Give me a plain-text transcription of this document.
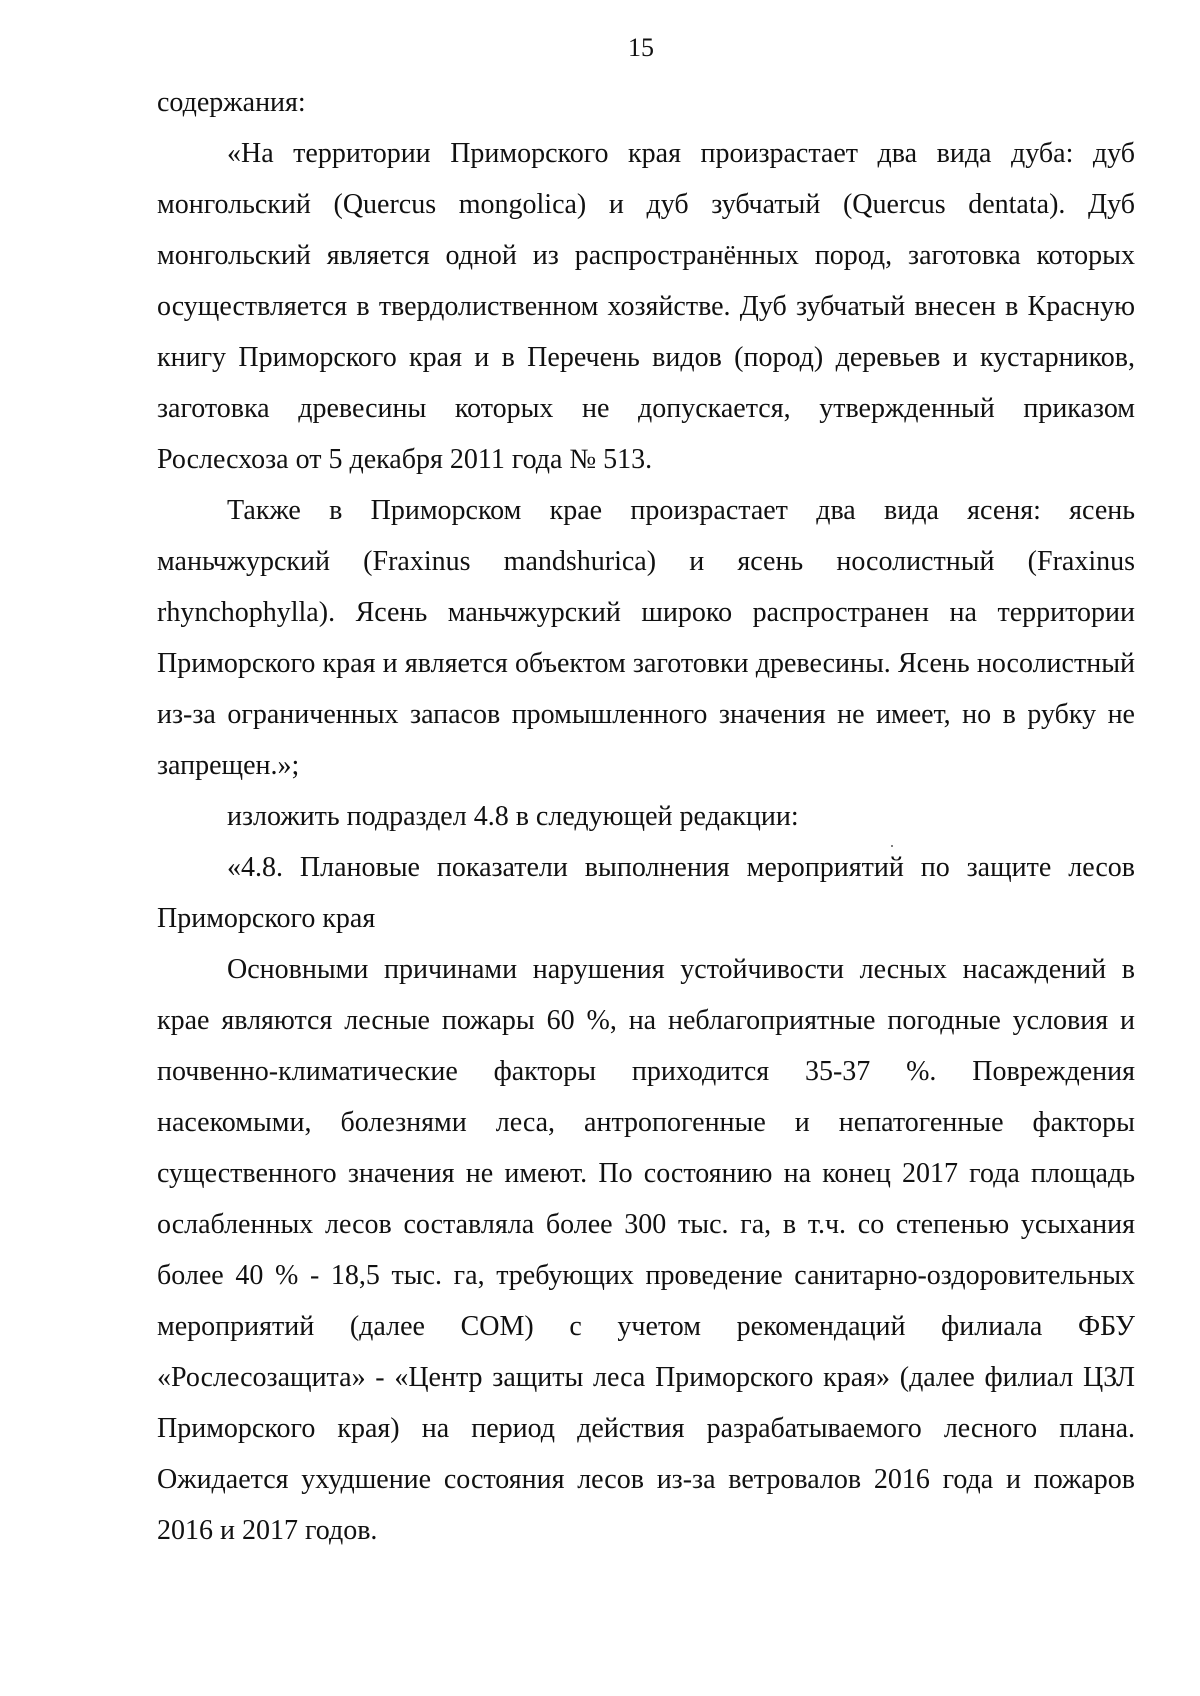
15

содержания:

«На территории Приморского края произрастает два вида дуба: дуб монгольский (Quercus mongolica) и дуб зубчатый (Quercus dentata). Дуб монгольский является одной из распространённых пород, заготовка которых осуществляется в твердолиственном хозяйстве. Дуб зубчатый внесен в Красную книгу Приморского края и в Перечень видов (пород) деревьев и кустарников, заготовка древесины которых не допускается, утвержденный приказом Рослесхоза от 5 декабря 2011 года № 513.

Также в Приморском крае произрастает два вида ясеня: ясень маньчжурский (Fraxinus mandshurica) и ясень носолистный (Fraxinus rhynchophylla). Ясень маньчжурский широко распространен на территории Приморского края и является объектом заготовки древесины. Ясень носолистный из-за ограниченных запасов промышленного значения не имеет, но в рубку не запрещен.»;

изложить подраздел 4.8 в следующей редакции:

«4.8. Плановые показатели выполнения мероприятий по защите лесов Приморского края

Основными причинами нарушения устойчивости лесных насаждений в крае являются лесные пожары 60 %, на неблагоприятные погодные условия и почвенно-климатические факторы приходится 35-37 %. Повреждения насекомыми, болезнями леса, антропогенные и непатогенные факторы существенного значения не имеют. По состоянию на конец 2017 года площадь ослабленных лесов составляла более 300 тыс. га, в т.ч. со степенью усыхания более 40 % - 18,5 тыс. га, требующих проведение санитарно-оздоровительных мероприятий (далее СОМ) с учетом рекомендаций филиала ФБУ «Рослесозащита» - «Центр защиты леса Приморского края» (далее филиал ЦЗЛ Приморского края) на период действия разрабатываемого лесного плана. Ожидается ухудшение состояния лесов из-за ветровалов 2016 года и пожаров 2016 и 2017 годов.
